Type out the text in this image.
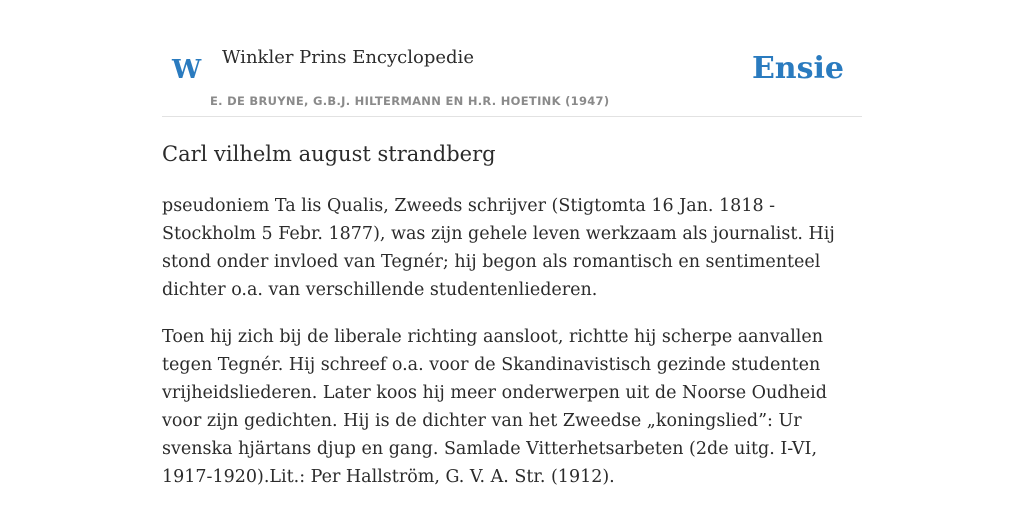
W Winkler Prins Encyclopedie
E. DE BRUYNE, G.B.J. HILTERMANN EN H.R. HOETINK (1947)
Ensie
Carl vilhelm august strandberg

pseudoniem Ta lis Qualis, Zweeds schrijver (Stigtomta 16 Jan. 1818 - Stockholm 5 Febr. 1877), was zijn gehele leven werkzaam als journalist. Hij stond onder invloed van Tegnér; hij begon als romantisch en sentimenteel dichter o.a. van verschillende studentenliederen.

Toen hij zich bij de liberale richting aansloot, richtte hij scherpe aanvallen tegen Tegnér. Hij schreef o.a. voor de Skandinavistisch gezinde studenten vrijheidsliederen. Later koos hij meer onderwerpen uit de Noorse Oudheid voor zijn gedichten. Hij is de dichter van het Zweedse „koningslied”: Ur svenska hjärtans djup en gang. Samlade Vitterhetsarbeten (2de uitg. I-VI, 1917-1920).Lit.: Per Hallström, G. V. A. Str. (1912).
